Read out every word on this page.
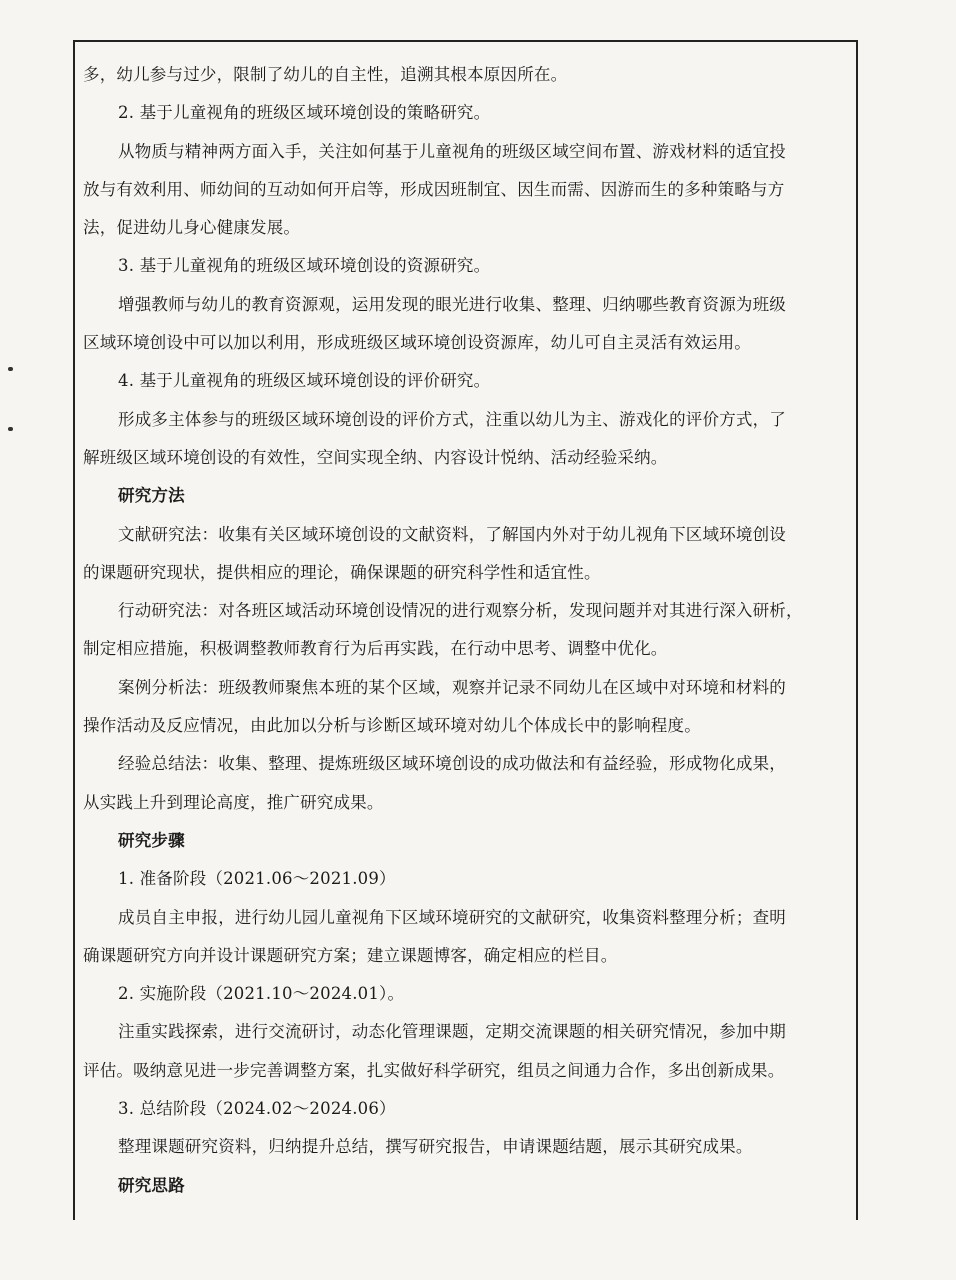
多，幼儿参与过少，限制了幼儿的自主性，追溯其根本原因所在。
2. 基于儿童视角的班级区域环境创设的策略研究。
从物质与精神两方面入手，关注如何基于儿童视角的班级区域空间布置、游戏材料的适宜投
放与有效利用、师幼间的互动如何开启等，形成因班制宜、因生而需、因游而生的多种策略与方
法，促进幼儿身心健康发展。
3. 基于儿童视角的班级区域环境创设的资源研究。
增强教师与幼儿的教育资源观，运用发现的眼光进行收集、整理、归纳哪些教育资源为班级
区域环境创设中可以加以利用，形成班级区域环境创设资源库，幼儿可自主灵活有效运用。
4. 基于儿童视角的班级区域环境创设的评价研究。
形成多主体参与的班级区域环境创设的评价方式，注重以幼儿为主、游戏化的评价方式，了
解班级区域环境创设的有效性，空间实现全纳、内容设计悦纳、活动经验采纳。
研究方法
文献研究法：收集有关区域环境创设的文献资料，了解国内外对于幼儿视角下区域环境创设
的课题研究现状，提供相应的理论，确保课题的研究科学性和适宜性。
行动研究法：对各班区域活动环境创设情况的进行观察分析，发现问题并对其进行深入研析，
制定相应措施，积极调整教师教育行为后再实践，在行动中思考、调整中优化。
案例分析法：班级教师聚焦本班的某个区域，观察并记录不同幼儿在区域中对环境和材料的
操作活动及反应情况，由此加以分析与诊断区域环境对幼儿个体成长中的影响程度。
经验总结法：收集、整理、提炼班级区域环境创设的成功做法和有益经验，形成物化成果，
从实践上升到理论高度，推广研究成果。
研究步骤
1. 准备阶段（2021.06～2021.09）
成员自主申报，进行幼儿园儿童视角下区域环境研究的文献研究，收集资料整理分析；查明
确课题研究方向并设计课题研究方案；建立课题博客，确定相应的栏目。
2. 实施阶段（2021.10～2024.01）。
注重实践探索，进行交流研讨，动态化管理课题，定期交流课题的相关研究情况，参加中期
评估。吸纳意见进一步完善调整方案，扎实做好科学研究，组员之间通力合作，多出创新成果。
3. 总结阶段（2024.02～2024.06）
整理课题研究资料，归纳提升总结，撰写研究报告，申请课题结题，展示其研究成果。
研究思路
